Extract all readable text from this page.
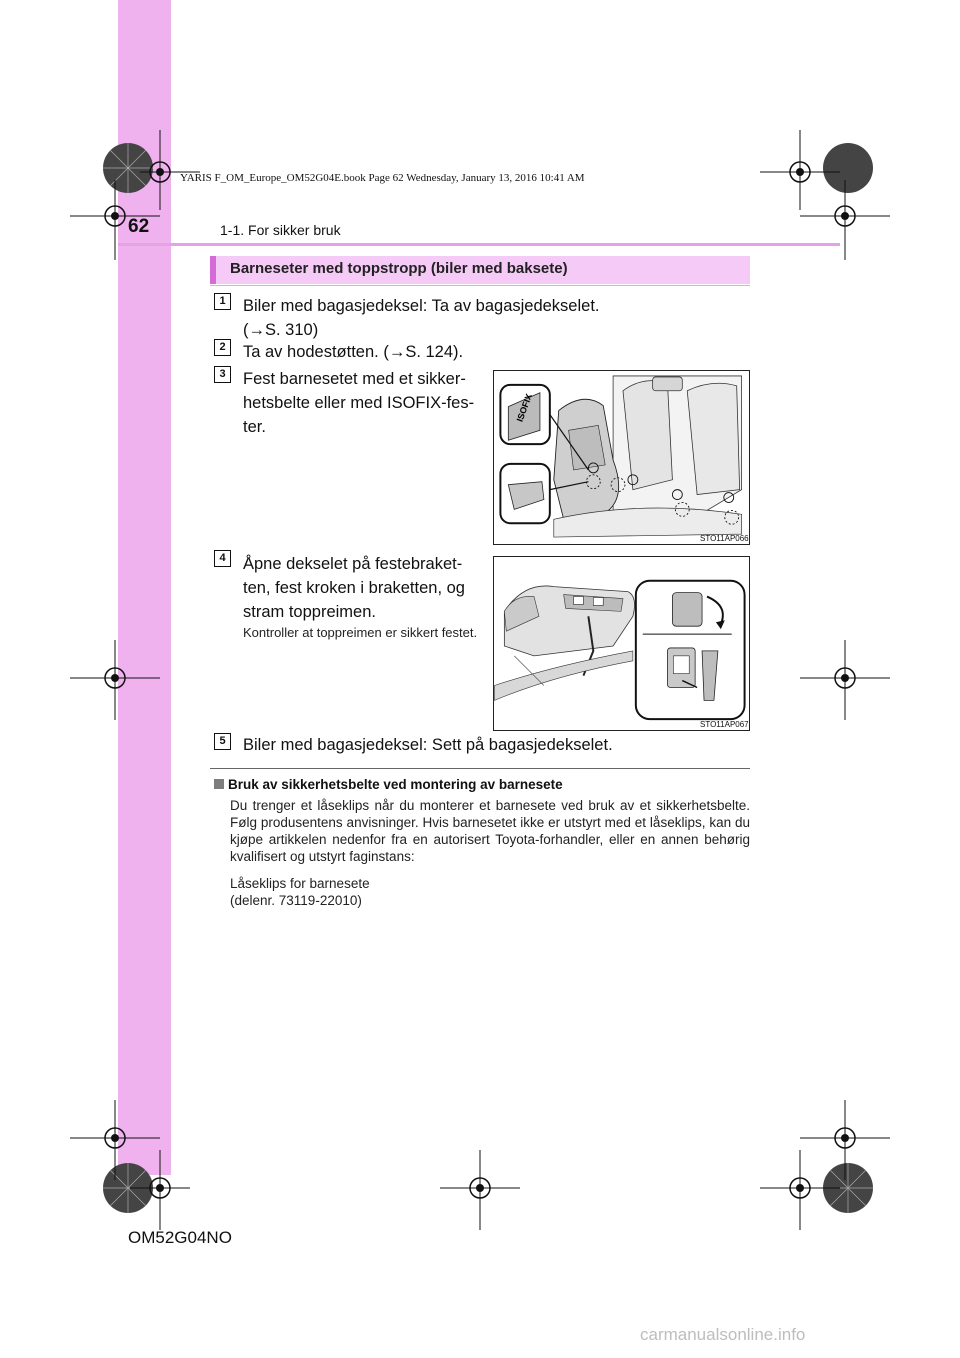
62	1-1. For sikker bruk
YARIS F_OM_Europe_OM52G04E.book Page 62 Wednesday, January 13, 2016 10:41 AM
Barneseter med toppstropp (biler med baksete)
1	Biler med bagasjedeksel: Ta av bagasjedekselet.
(→S. 310)
2	Ta av hodestøtten. (→S. 124).
3	Fest barnesetet med et sikker-
hetsbelte eller med ISOFIX-fes-
ter.
ISOFIX
STO11AP066
4	Åpne dekselet på festebraket-
ten, fest kroken i braketten, og
stram toppreimen.
Kontroller at toppreimen er sikkert festet.
STO11AP067
5	Biler med bagasjedeksel: Sett på bagasjedekselet.
Bruk av sikkerhetsbelte ved montering av barnesete
Du trenger et låseklips når du monterer et barnesete ved bruk av et sikkerhetsbelte. Følg produsentens anvisninger. Hvis barnesetet ikke er utstyrt med et låseklips, kan du kjøpe artikkelen nedenfor fra en autorisert Toyota-forhandler, eller en annen behørig kvalifisert og utstyrt faginstans:
Låseklips for barnesete
(delenr. 73119-22010)
OM52G04NO
carmanualsonline.info
